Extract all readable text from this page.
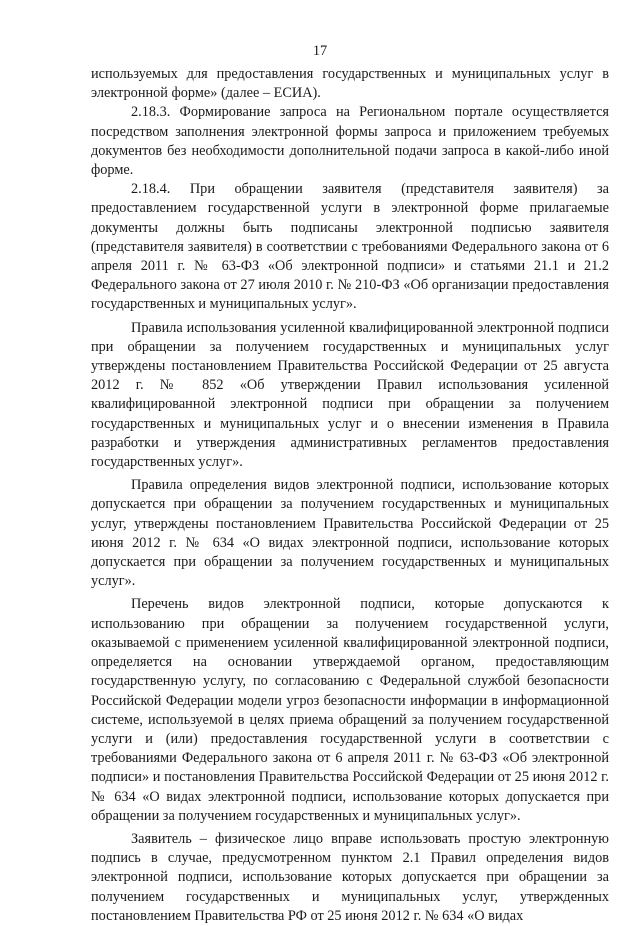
17

используемых для предоставления государственных и муниципальных услуг в электронной форме» (далее – ЕСИА).

2.18.3. Формирование запроса на Региональном портале осуществляется посредством заполнения электронной формы запроса и приложением требуемых документов без необходимости дополнительной подачи запроса в какой-либо иной форме.

2.18.4. При обращении заявителя (представителя заявителя) за предоставлением государственной услуги в электронной форме прилагаемые документы должны быть подписаны электронной подписью заявителя (представителя заявителя) в соответствии с требованиями Федерального закона от 6 апреля 2011 г. № 63-ФЗ «Об электронной подписи» и статьями 21.1 и 21.2 Федерального закона от 27 июля 2010 г. № 210-ФЗ «Об организации предоставления государственных и муниципальных услуг».

Правила использования усиленной квалифицированной электронной подписи при обращении за получением государственных и муниципальных услуг утверждены постановлением Правительства Российской Федерации от 25 августа 2012 г. № 852 «Об утверждении Правил использования усиленной квалифицированной электронной подписи при обращении за получением государственных и муниципальных услуг и о внесении изменения в Правила разработки и утверждения административных регламентов предоставления государственных услуг».

Правила определения видов электронной подписи, использование которых допускается при обращении за получением государственных и муниципальных услуг, утверждены постановлением Правительства Российской Федерации от 25 июня 2012 г. № 634 «О видах электронной подписи, использование которых допускается при обращении за получением государственных и муниципальных услуг».

Перечень видов электронной подписи, которые допускаются к использованию при обращении за получением государственной услуги, оказываемой с применением усиленной квалифицированной электронной подписи, определяется на основании утверждаемой органом, предоставляющим государственную услугу, по согласованию с Федеральной службой безопасности Российской Федерации модели угроз безопасности информации в информационной системе, используемой в целях приема обращений за получением государственной услуги и (или) предоставления государственной услуги в соответствии с требованиями Федерального закона от 6 апреля 2011 г. № 63-ФЗ «Об электронной подписи» и постановления Правительства Российской Федерации от 25 июня 2012 г. № 634 «О видах электронной подписи, использование которых допускается при обращении за получением государственных и муниципальных услуг».

Заявитель – физическое лицо вправе использовать простую электронную подпись в случае, предусмотренном пунктом 2.1 Правил определения видов электронной подписи, использование которых допускается при обращении за получением государственных и муниципальных услуг, утвержденных постановлением Правительства РФ от 25 июня 2012 г. № 634 «О видах
